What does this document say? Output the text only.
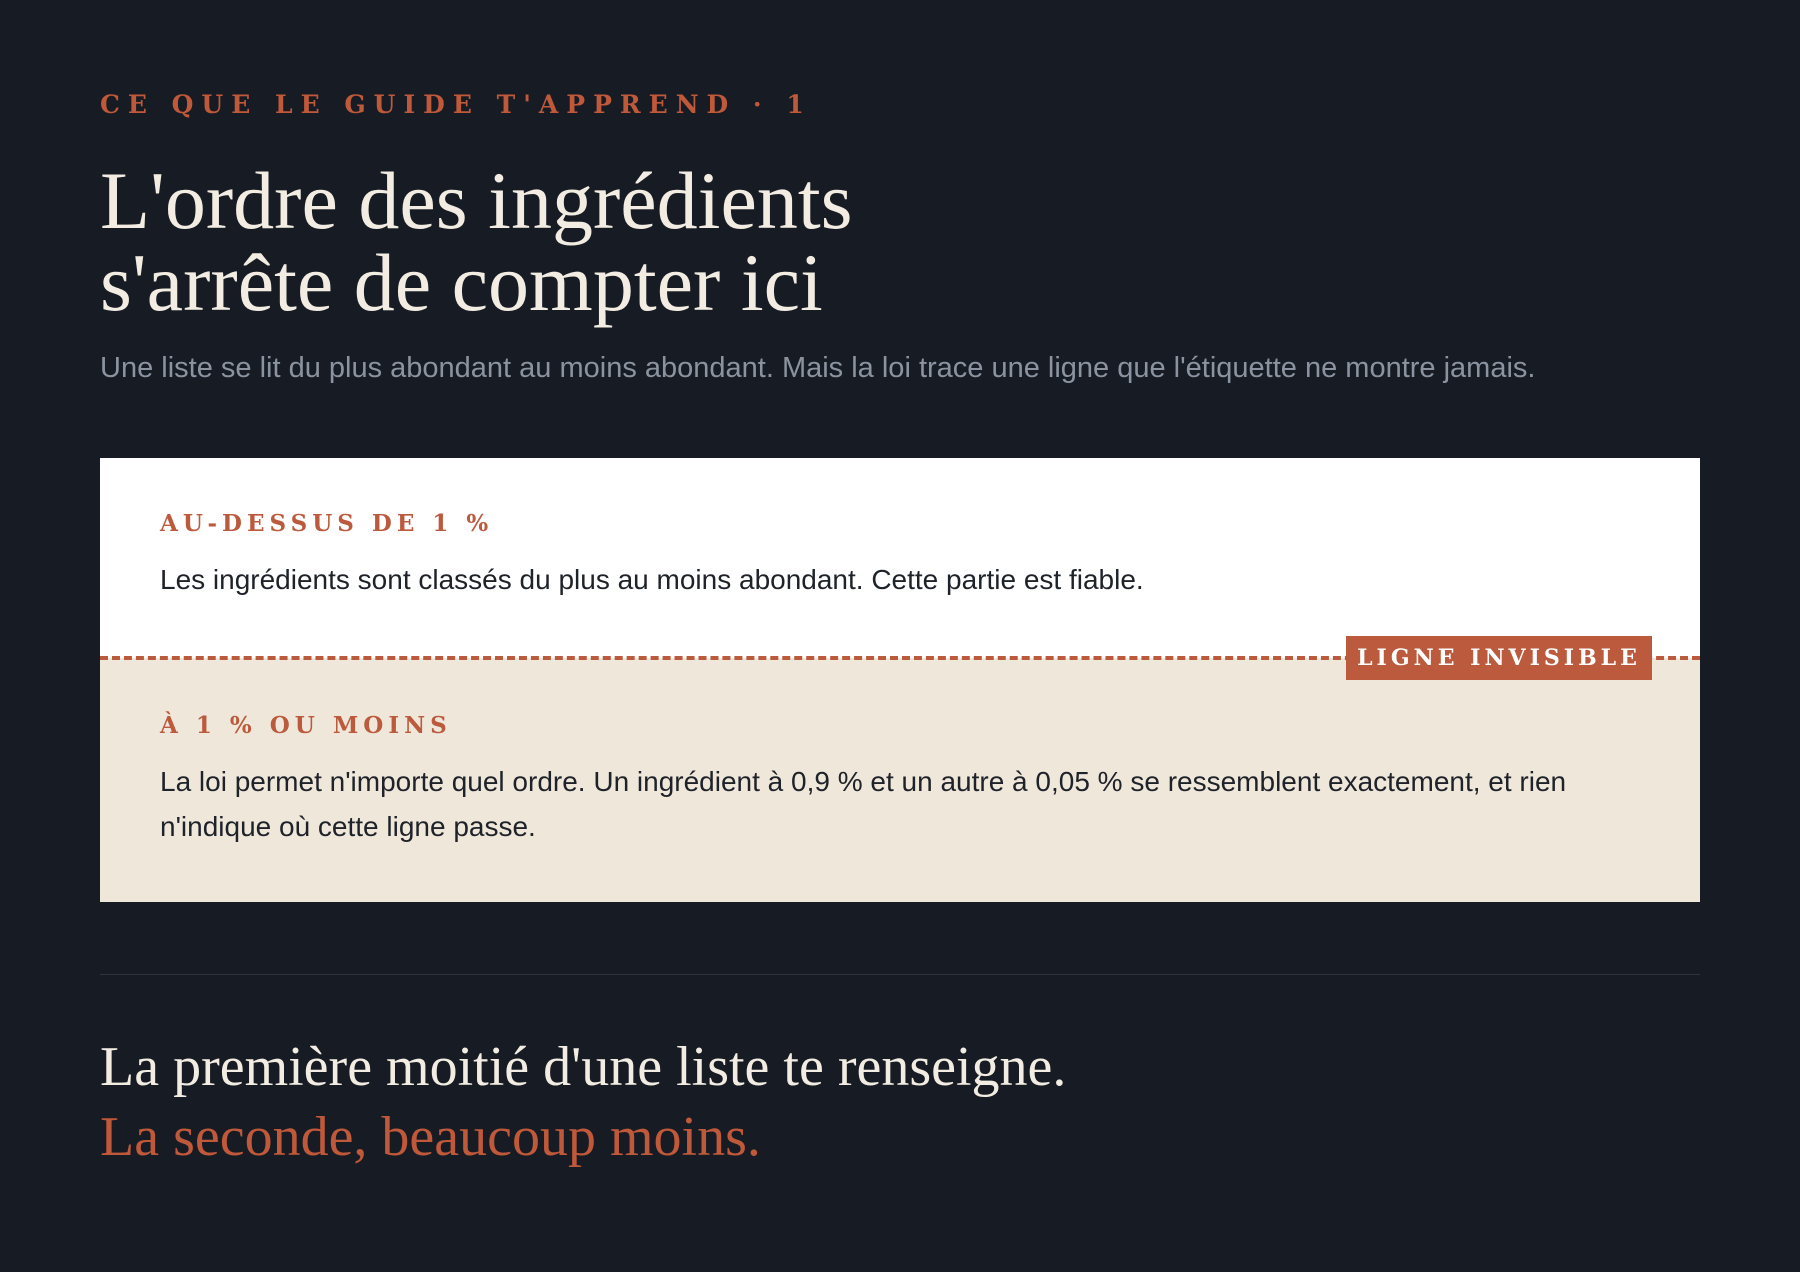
CE QUE LE GUIDE T'APPREND · 1
L'ordre des ingrédients
s'arrête de compter ici
Une liste se lit du plus abondant au moins abondant. Mais la loi trace une ligne que l'étiquette ne montre jamais.
AU-DESSUS DE 1 %
Les ingrédients sont classés du plus au moins abondant. Cette partie est fiable.
À 1 % OU MOINS
La loi permet n'importe quel ordre. Un ingrédient à 0,9 % et un autre à 0,05 % se ressemblent exactement, et rien n'indique où cette ligne passe.
LIGNE INVISIBLE

La première moitié d'une liste te renseigne.
La seconde, beaucoup moins.
